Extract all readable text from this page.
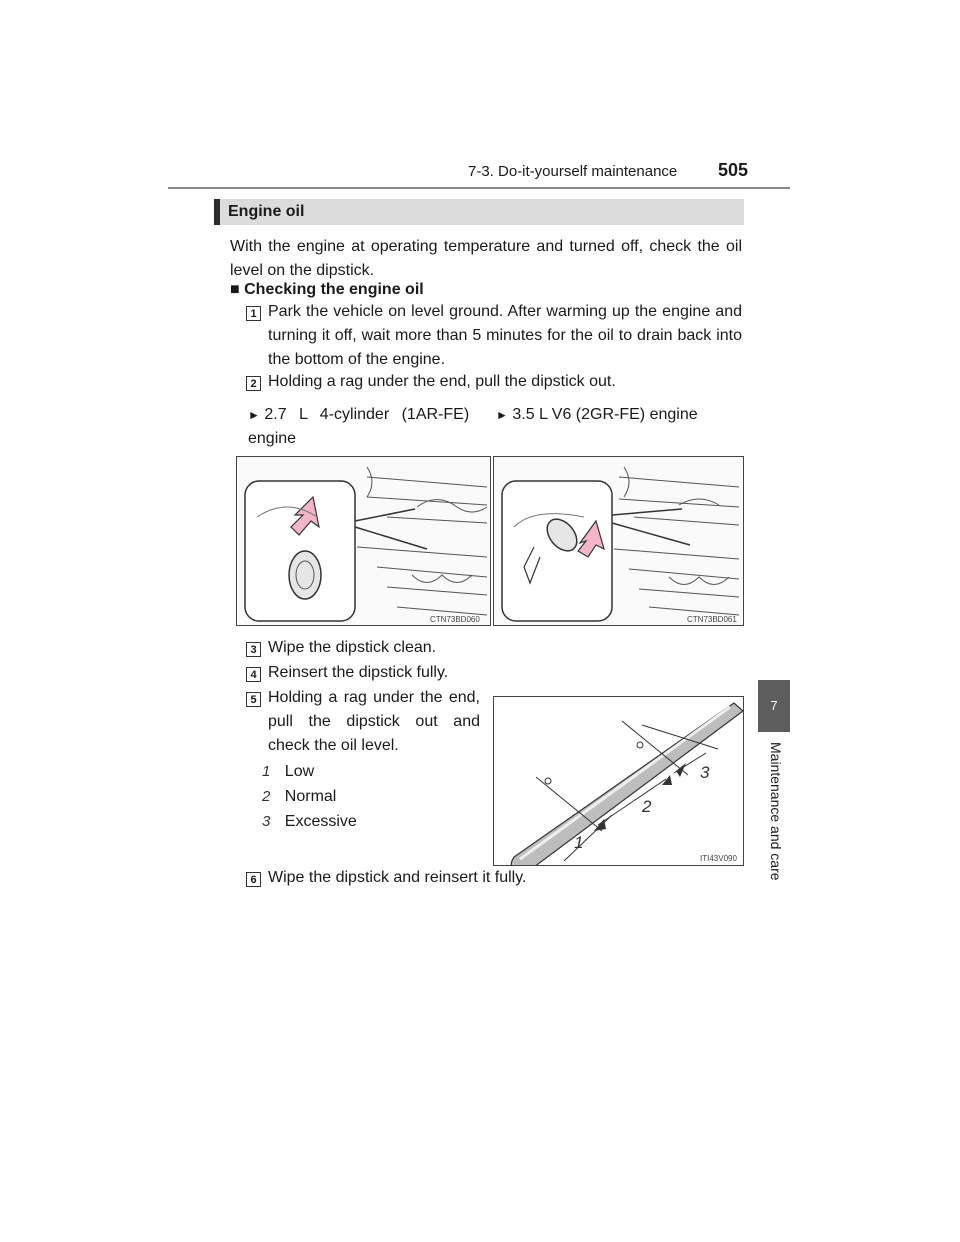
7-3. Do-it-yourself maintenance 505
7
Maintenance and care
Engine oil
With the engine at operating temperature and turned off, check the oil level on the dipstick.
■ Checking the engine oil
1 Park the vehicle on level ground. After warming up the engine and turning it off, wait more than 5 minutes for the oil to drain back into the bottom of the engine.
2 Holding a rag under the end, pull the dipstick out.
► 2.7 L 4-cylinder (1AR-FE) engine
► 3.5 L V6 (2GR-FE) engine
CTN73BD060	CTN73BD061
3 Wipe the dipstick clean.
4 Reinsert the dipstick fully.
5 Holding a rag under the end, pull the dipstick out and check the oil level.
1 Low
2 Normal
3 Excessive
1
2
3
ITI43V090
6 Wipe the dipstick and reinsert it fully.
